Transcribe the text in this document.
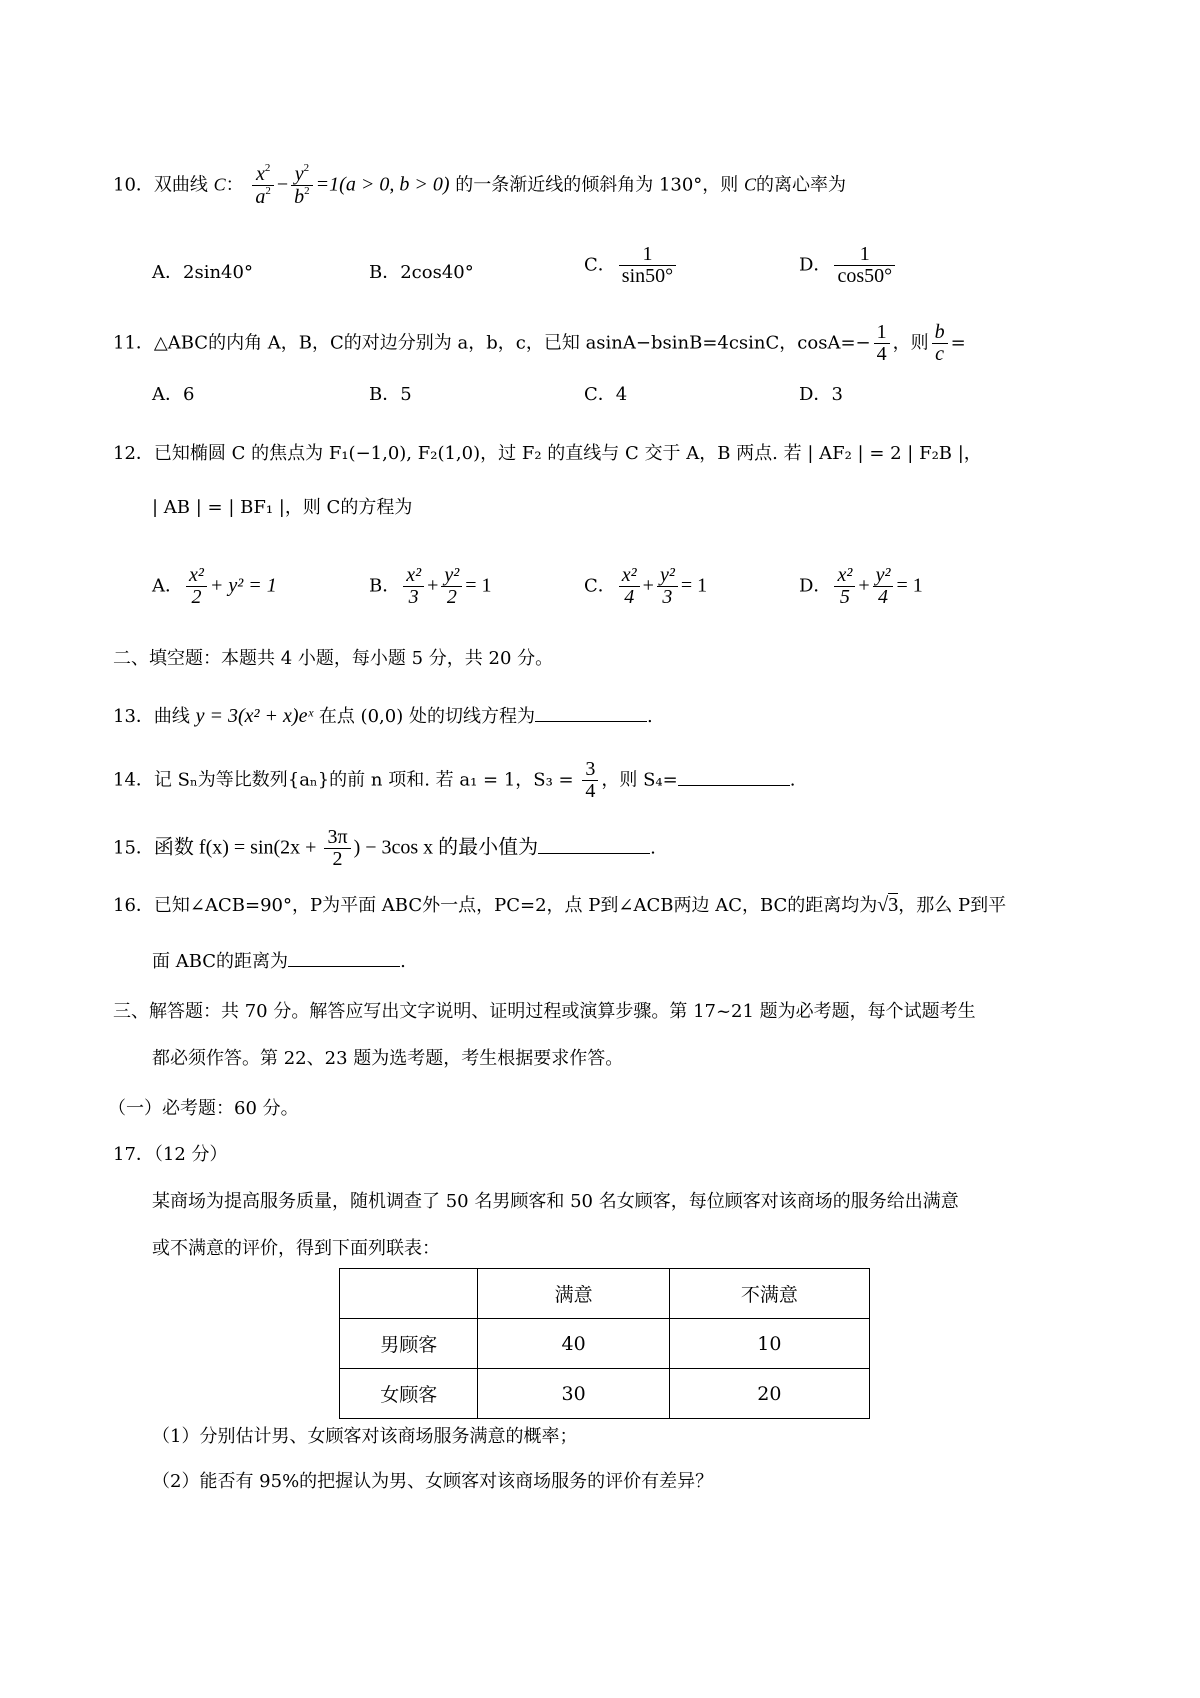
10．双曲线 C： $\frac{x^2}{a^2} - \frac{y^2}{b^2} =1(a > 0$, b > 0) 的一条渐近线的倾斜角为 130°，则 C的离心率为
A．2sin40°	B．2cos40°	C． $\frac{1}{\sin 50^\circ}$	D． $\frac{1}{\cos 50^\circ}$
11．△ABC的内角 A，B，C的对边分别为 a，b，c，已知 asinA−bsinB=4csinC，$\cos A=- \frac{1}{4}$ ，则 $\frac{b}{c}$ =
A．6	B．5	C．4	D．3
12．已知椭圆 C 的焦点为 F₁(−1,0), F₂(1,0)，过 F₂ 的直线与 C 交于 A，B 两点. 若 | AF₂ | = 2 | F₂B |，
| AB | = | BF₁ |，则 C的方程为
A． $\frac{\text{x²}}{2} + y^2 = 1$	B． $\frac{\text{x²}}{3} + \frac{\text{y²}}{2} = 1$	C． $\frac{\text{x²}}{4} + \frac{\text{y²}}{3} = 1$	D． $\frac{\text{x²}}{5} + \frac{\text{y²}}{4} = 1$
二、填空题：本题共 4 小题，每小题 5 分，共 20 分。
13．曲线 y = 3(x² + x)eˣ 在点 (0,0) 处的切线方程为	.
14．记 Sₙ为等比数列{aₙ}的前 n 项和. 若 a₁ = 1，$S_3 = \frac{3}{4}$ ，则 S₄=	.
15．函数 $f(x) = \sin(2x + \frac{3\pi}{2}$ ) − 3cos x 的最小值为	.
16．已知∠ACB=90°，P为平面 ABC外一点，PC=2，点 P到∠ACB两边 AC，BC的距离均为√3，那么 P到平
面 ABC的距离为	.
三、解答题：共 70 分。解答应写出文字说明、证明过程或演算步骤。第 17~21 题为必考题，每个试题考生
都必须作答。第 22、23 题为选考题，考生根据要求作答。
（一）必考题：60 分。
17．（12 分）
某商场为提高服务质量，随机调查了 50 名男顾客和 50 名女顾客，每位顾客对该商场的服务给出满意
或不满意的评价，得到下面列联表：
	满意	不满意
男顾客	40	10
女顾客	30	20
（1）分别估计男、女顾客对该商场服务满意的概率；
（2）能否有 95%的把握认为男、女顾客对该商场服务的评价有差异？
